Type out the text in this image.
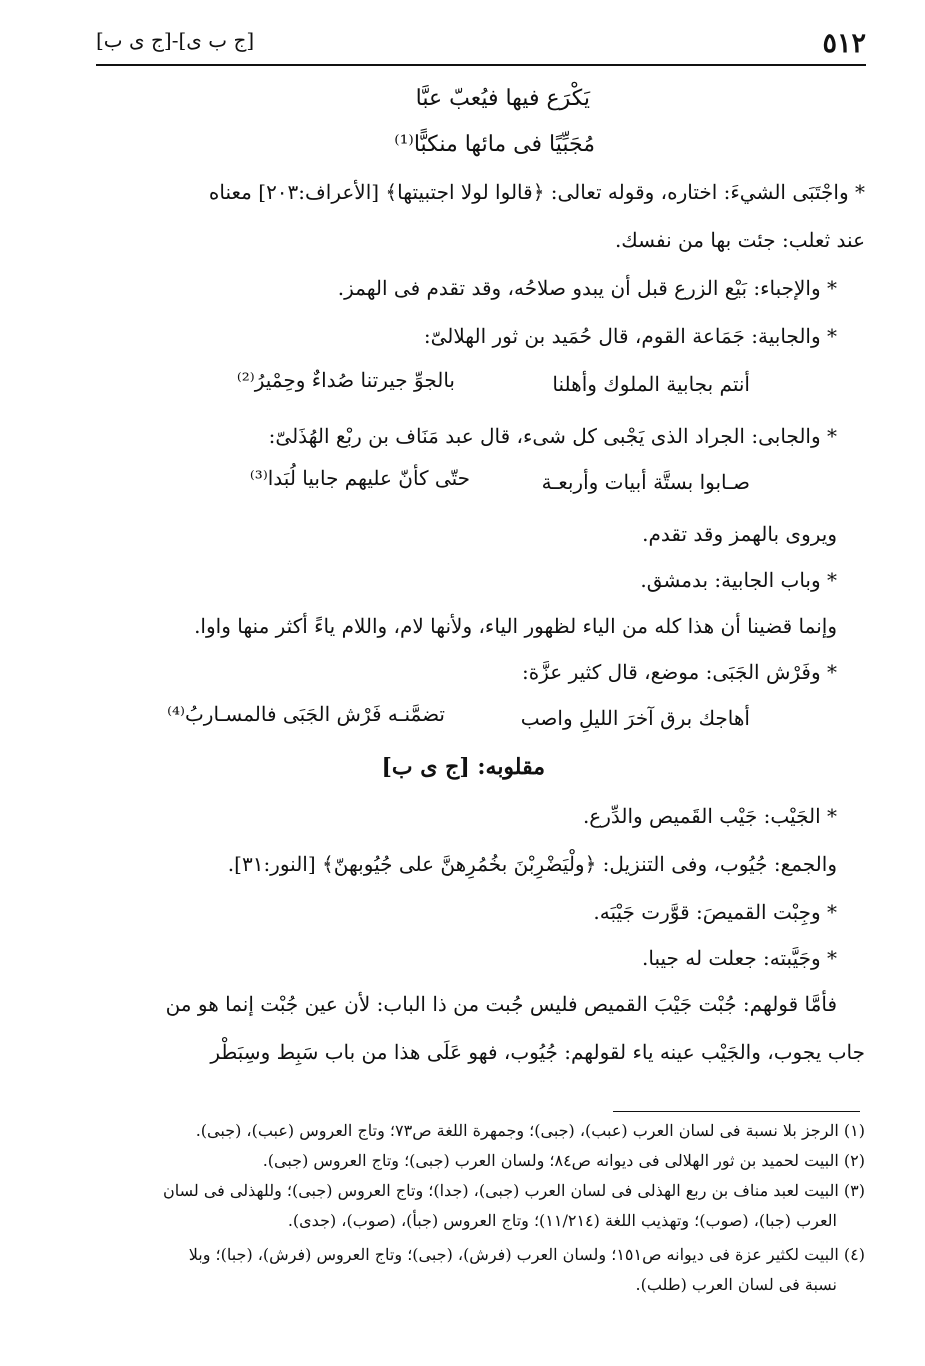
٥١٢
[ج ب ى]-[ج ى ب]
يَكْرَع فيها فيُعبّ عبَّا
مُجَبِّيًا فى مائها منكبًّا⁽¹⁾
* واجْتَبَى الشيءَ: اختاره، وقوله تعالى: ﴿قالوا لولا اجتبيتها﴾ [الأعراف:٢٠٣] معناه
عند ثعلب: جئت بها من نفسك.
* والإجباء: بَيْع الزرع قبل أن يبدو صلاحُه، وقد تقدم فى الهمز.
* والجابية: جَمَاعة القوم، قال حُمَيد بن ثور الهلالىّ:
أنتم بجابية الملوك وأهلنا
بالجوِّ جيرتنا صُداءٌ وحِمْيرُ⁽²⁾
* والجابى: الجراد الذى يَجْبى كل شىء، قال عبد مَنَاف بن ربْع الهُذَلىّ:
صـابوا بستَّة أبيات وأربعـة
حتّى كأنّ عليهم جابيا لُبَدا⁽³⁾
ويروى بالهمز وقد تقدم.
* وباب الجابية: بدمشق.
وإنما قضينا أن هذا كله من الياء لظهور الياء، ولأنها لام، واللام ياءً أكثر منها واوا.
* وفَرْش الجَبَى: موضع، قال كثير عزَّة:
أهاجك برق آخرَ الليلِ واصب
تضمَّنـه فَرْش الجَبَى فالمسـاربُ⁽⁴⁾
مقلوبه: [ج ى ب]
* الجَيْب: جَيْب القَميص والدِّرع.
والجمع: جُيُوب، وفى التنزيل: ﴿ولْيَضْرِبْنَ بخُمُرِهنَّ على جُيُوبهنّ﴾ [النور:٣١].
* وجِبْت القميصَ: قوَّرت جَيْبَه.
* وجَيَّبته: جعلت له جيبا.
فأمَّا قولهم: جُبْت جَيْبَ القميص فليس جُبت من ذا الباب: لأن عين جُبْت إنما هو من
جاب يجوب، والجَيْب عينه ياء لقولهم: جُيُوب، فهو عَلَى هذا من باب سَبِط وسِبَطْر
(١) الرجز بلا نسبة فى لسان العرب (عبب)، (جبى)؛ وجمهرة اللغة ص٧٣؛ وتاج العروس (عبب)، (جبى).
(٢) البيت لحميد بن ثور الهلالى فى ديوانه ص٨٤؛ ولسان العرب (جبى)؛ وتاج العروس (جبى).
(٣) البيت لعبد مناف بن ربع الهذلى فى لسان العرب (جبى)، (جدا)؛ وتاج العروس (جبى)؛ وللهذلى فى لسان
العرب (جبا)، (صوب)؛ وتهذيب اللغة (١١/٢١٤)؛ وتاج العروس (جبأ)، (صوب)، (جدى).
(٤) البيت لكثير عزة فى ديوانه ص١٥١؛ ولسان العرب (فرش)، (جبى)؛ وتاج العروس (فرش)، (جبا)؛ وبلا
نسبة فى لسان العرب (طلب).
